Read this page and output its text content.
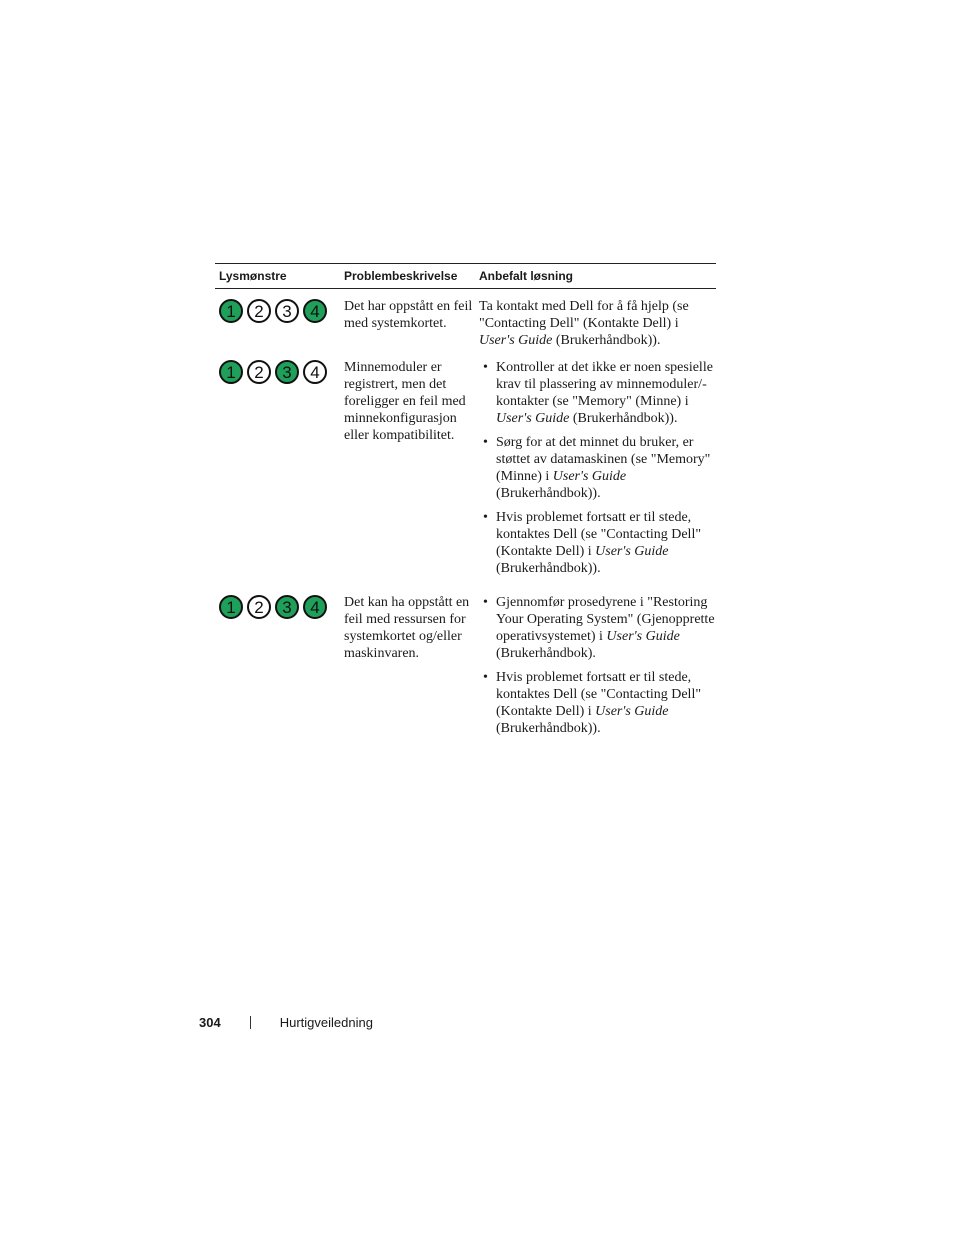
Lysmønstre	Problembeskrivelse	Anbefalt løsning
1	2	3	4	Det har oppstått en feil med systemkortet.
Ta kontakt med Dell for å få hjelp (se "Contacting Dell" (Kontakte Dell) i User's Guide (Brukerhåndbok)).
1	2	3	4	Minnemoduler er registrert, men det foreligger en feil med minnekonfigurasjon eller kompatibilitet.
• Kontroller at det ikke er noen spesielle krav til plassering av minnemoduler/-kontakter (se "Memory" (Minne) i User's Guide (Brukerhåndbok)).
• Sørg for at det minnet du bruker, er støttet av datamaskinen (se "Memory" (Minne) i User's Guide (Brukerhåndbok)).
• Hvis problemet fortsatt er til stede, kontaktes Dell (se "Contacting Dell" (Kontakte Dell) i User's Guide (Brukerhåndbok)).
1	2	3	4	Det kan ha oppstått en feil med ressursen for systemkortet og/eller maskinvaren.
• Gjennomfør prosedyrene i "Restoring Your Operating System" (Gjenopprette operativsystemet) i User's Guide (Brukerhåndbok).
• Hvis problemet fortsatt er til stede, kontaktes Dell (se "Contacting Dell" (Kontakte Dell) i User's Guide (Brukerhåndbok)).
304	Hurtigveiledning
